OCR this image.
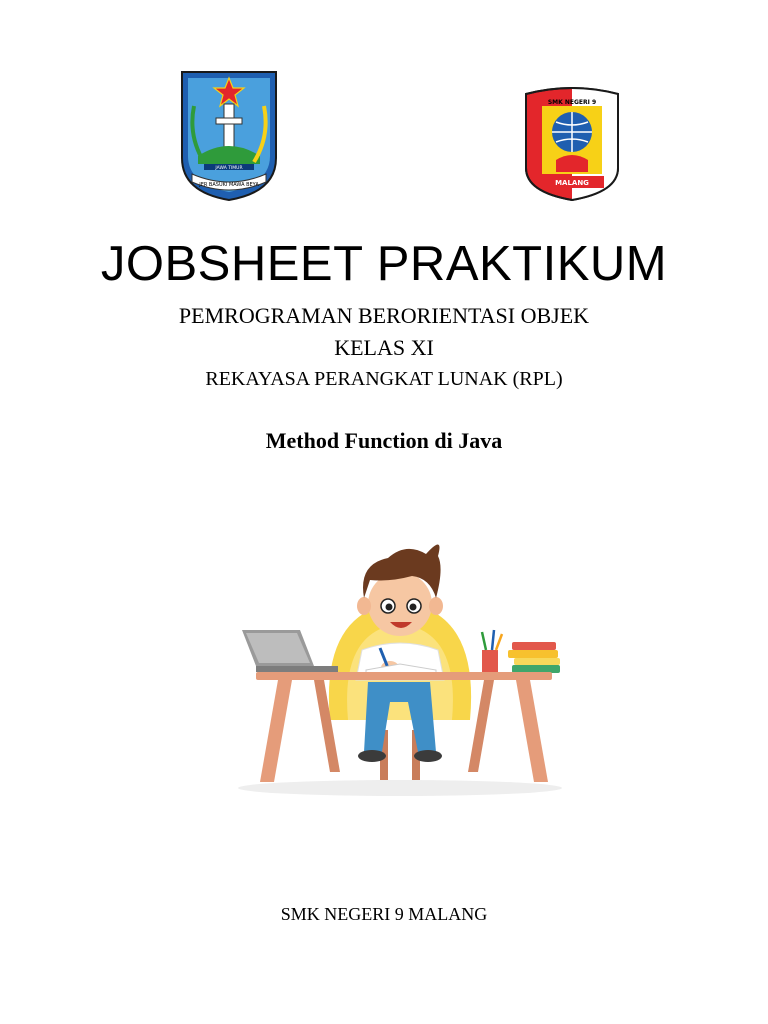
JAWA TIMUR
JER BASUKI MAWA BEYA
SMK NEGERI 9
MALANG
JOBSHEET PRAKTIKUM
PEMROGRAMAN BERORIENTASI OBJEK
KELAS XI
REKAYASA PERANGKAT LUNAK (RPL)
Method Function di Java
SMK NEGERI 9 MALANG
